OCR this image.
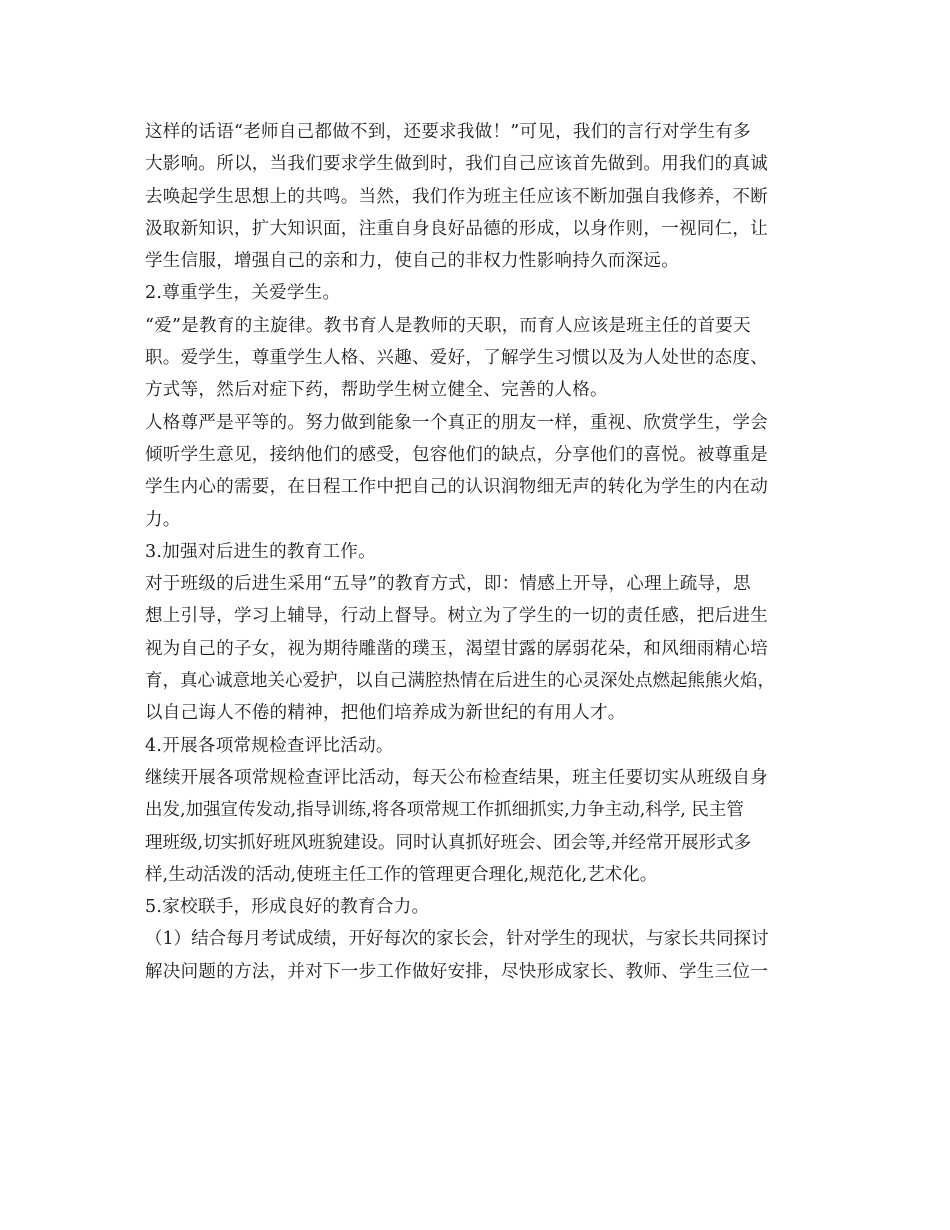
这样的话语“老师自己都做不到，还要求我做！”可见，我们的言行对学生有多
大影响。所以，当我们要求学生做到时，我们自己应该首先做到。用我们的真诚
去唤起学生思想上的共鸣。当然，我们作为班主任应该不断加强自我修养，不断
汲取新知识，扩大知识面，注重自身良好品德的形成，以身作则，一视同仁，让
学生信服，增强自己的亲和力，使自己的非权力性影响持久而深远。
2.尊重学生，关爱学生。
“爱”是教育的主旋律。教书育人是教师的天职，而育人应该是班主任的首要天
职。爱学生，尊重学生人格、兴趣、爱好，了解学生习惯以及为人处世的态度、
方式等，然后对症下药，帮助学生树立健全、完善的人格。
人格尊严是平等的。努力做到能象一个真正的朋友一样，重视、欣赏学生，学会
倾听学生意见，接纳他们的感受，包容他们的缺点，分享他们的喜悦。被尊重是
学生内心的需要，在日程工作中把自己的认识润物细无声的转化为学生的内在动
力。
3.加强对后进生的教育工作。
对于班级的后进生采用“五导”的教育方式，即：情感上开导，心理上疏导，思
想上引导，学习上辅导，行动上督导。树立为了学生的一切的责任感，把后进生
视为自己的子女，视为期待雕凿的璞玉，渴望甘露的孱弱花朵，和风细雨精心培
育，真心诚意地关心爱护，以自己满腔热情在后进生的心灵深处点燃起熊熊火焰，
以自己诲人不倦的精神，把他们培养成为新世纪的有用人才。
4.开展各项常规检查评比活动。
继续开展各项常规检查评比活动，每天公布检查结果，班主任要切实从班级自身
出发,加强宣传发动,指导训练,将各项常规工作抓细抓实,力争主动,科学, 民主管
理班级,切实抓好班风班貌建设。同时认真抓好班会、团会等,并经常开展形式多
样,生动活泼的活动,使班主任工作的管理更合理化,规范化,艺术化。
5.家校联手，形成良好的教育合力。
（1）结合每月考试成绩，开好每次的家长会，针对学生的现状，与家长共同探讨
解决问题的方法，并对下一步工作做好安排，尽快形成家长、教师、学生三位一
